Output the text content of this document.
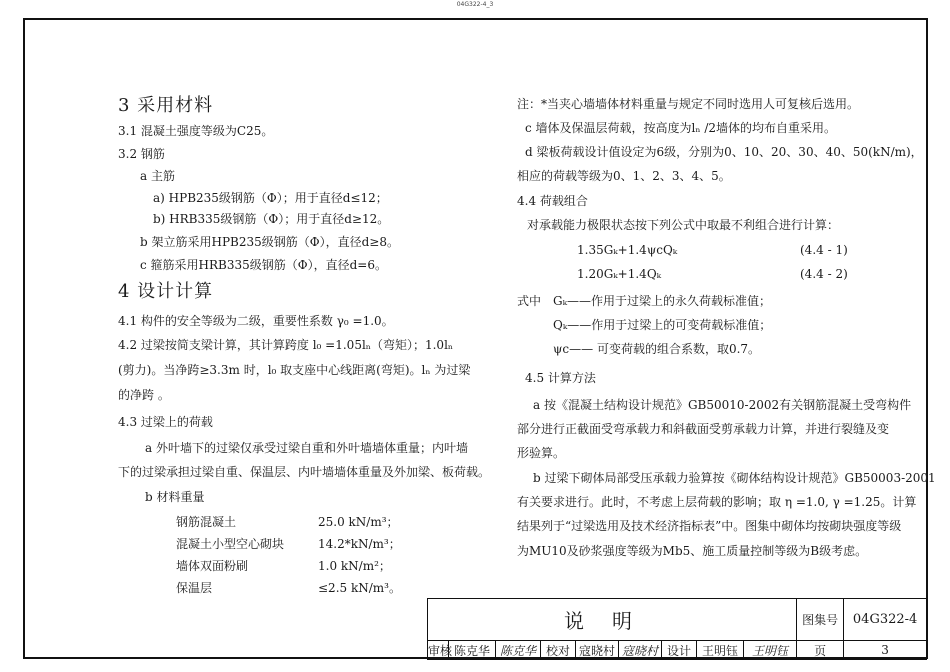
04G322-4_3
3 采用材料
3.1 混凝土强度等级为C25。
3.2 钢筋
a 主筋
a) HPB235级钢筋（Φ）；用于直径d≤12；
b) HRB335级钢筋（Φ）；用于直径d≥12。
b 架立筋采用HPB235级钢筋（Φ），直径d≥8。
c 箍筋采用HRB335级钢筋（Φ），直径d=6。
4 设计计算
4.1 构件的安全等级为二级，重要性系数 γ₀ =1.0。
4.2 过梁按简支梁计算，其计算跨度 l₀ =1.05lₙ（弯矩）；1.0lₙ
(剪力)。当净跨≥3.3m 时，l₀ 取支座中心线距离(弯矩)。lₙ 为过梁
的净跨 。
4.3 过梁上的荷载
a 外叶墙下的过梁仅承受过梁自重和外叶墙墙体重量；内叶墙
下的过梁承担过梁自重、保温层、内叶墙墙体重量及外加梁、板荷载。
b 材料重量
钢筋混凝土	25.0 kN/m³；
混凝土小型空心砌块	14.2*kN/m³；
墙体双面粉刷	1.0 kN/m²；
保温层	≤2.5 kN/m³。
注：*当夹心墙墙体材料重量与规定不同时选用人可复核后选用。
c 墙体及保温层荷载，按高度为lₙ /2墙体的均布自重采用。
d 梁板荷载设计值设定为6级，分别为0、10、20、30、40、50(kN/m)，
相应的荷载等级为0、1、2、3、4、5。
4.4 荷载组合
对承载能力极限状态按下列公式中取最不利组合进行计算：
1.35Gₖ+1.4ψcQₖ	(4.4 - 1)
1.20Gₖ+1.4Qₖ	(4.4 - 2)
式中 Gₖ——作用于过梁上的永久荷载标准值；
Qₖ——作用于过梁上的可变荷载标准值；
ψc—— 可变荷载的组合系数，取0.7。
4.5 计算方法
a 按《混凝土结构设计规范》GB50010-2002有关钢筋混凝土受弯构件
部分进行正截面受弯承载力和斜截面受剪承载力计算，并进行裂缝及变
形验算。
b 过梁下砌体局部受压承载力验算按《砌体结构设计规范》GB50003-2001
有关要求进行。此时，不考虑上层荷载的影响；取 η =1.0, γ =1.25。计算
结果列于“过梁选用及技术经济指标表”中。图集中砌体均按砌块强度等级
为MU10及砂浆强度等级为Mb5、施工质量控制等级为B级考虑。
说明									图集号	04G322-4
审核	陈克华	陈克华	校对	寇晓村	寇晓村	设计	王明钰	王明钰	页	3
